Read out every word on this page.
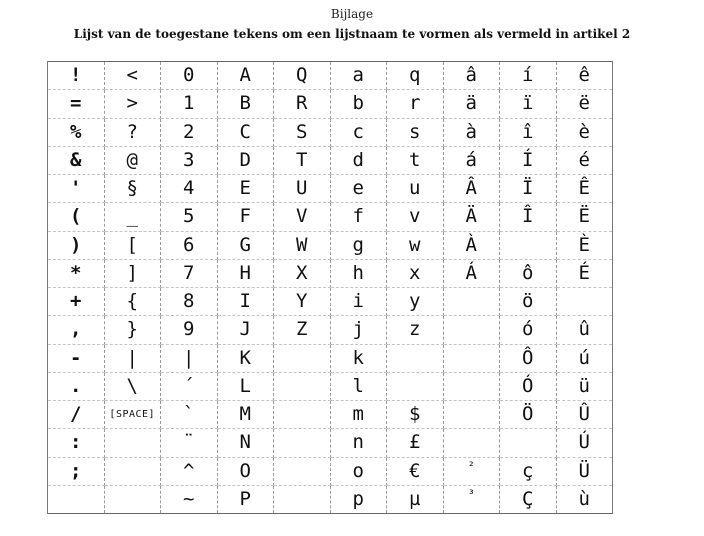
Bijlage
Lijst van de toegestane tekens om een lijstnaam te vormen als vermeld in artikel 2
!	<	0	A	Q	a	q	â	í	ê
=	>	1	B	R	b	r	ä	ï	ë
%	?	2	C	S	c	s	à	î	è
&	@	3	D	T	d	t	á	Í	é
'	§	4	E	U	e	u	Â	Ï	Ê
(	_	5	F	V	f	v	Ä	Î	Ë
)	[	6	G	W	g	w	À		È
*	]	7	H	X	h	x	Á	ô	É
+	{	8	I	Y	i	y		ö	
,	}	9	J	Z	j	z		ó	û
-	|	|	K		k			Ô	ú
.	\	´	L		l			Ó	ü
/	[SPACE]	`	M		m	$		Ö	Û
:		¨	N		n	£			Ú
;		^	O		o	€	²	ç	Ü
		~	P		p	µ	³	Ç	ù
